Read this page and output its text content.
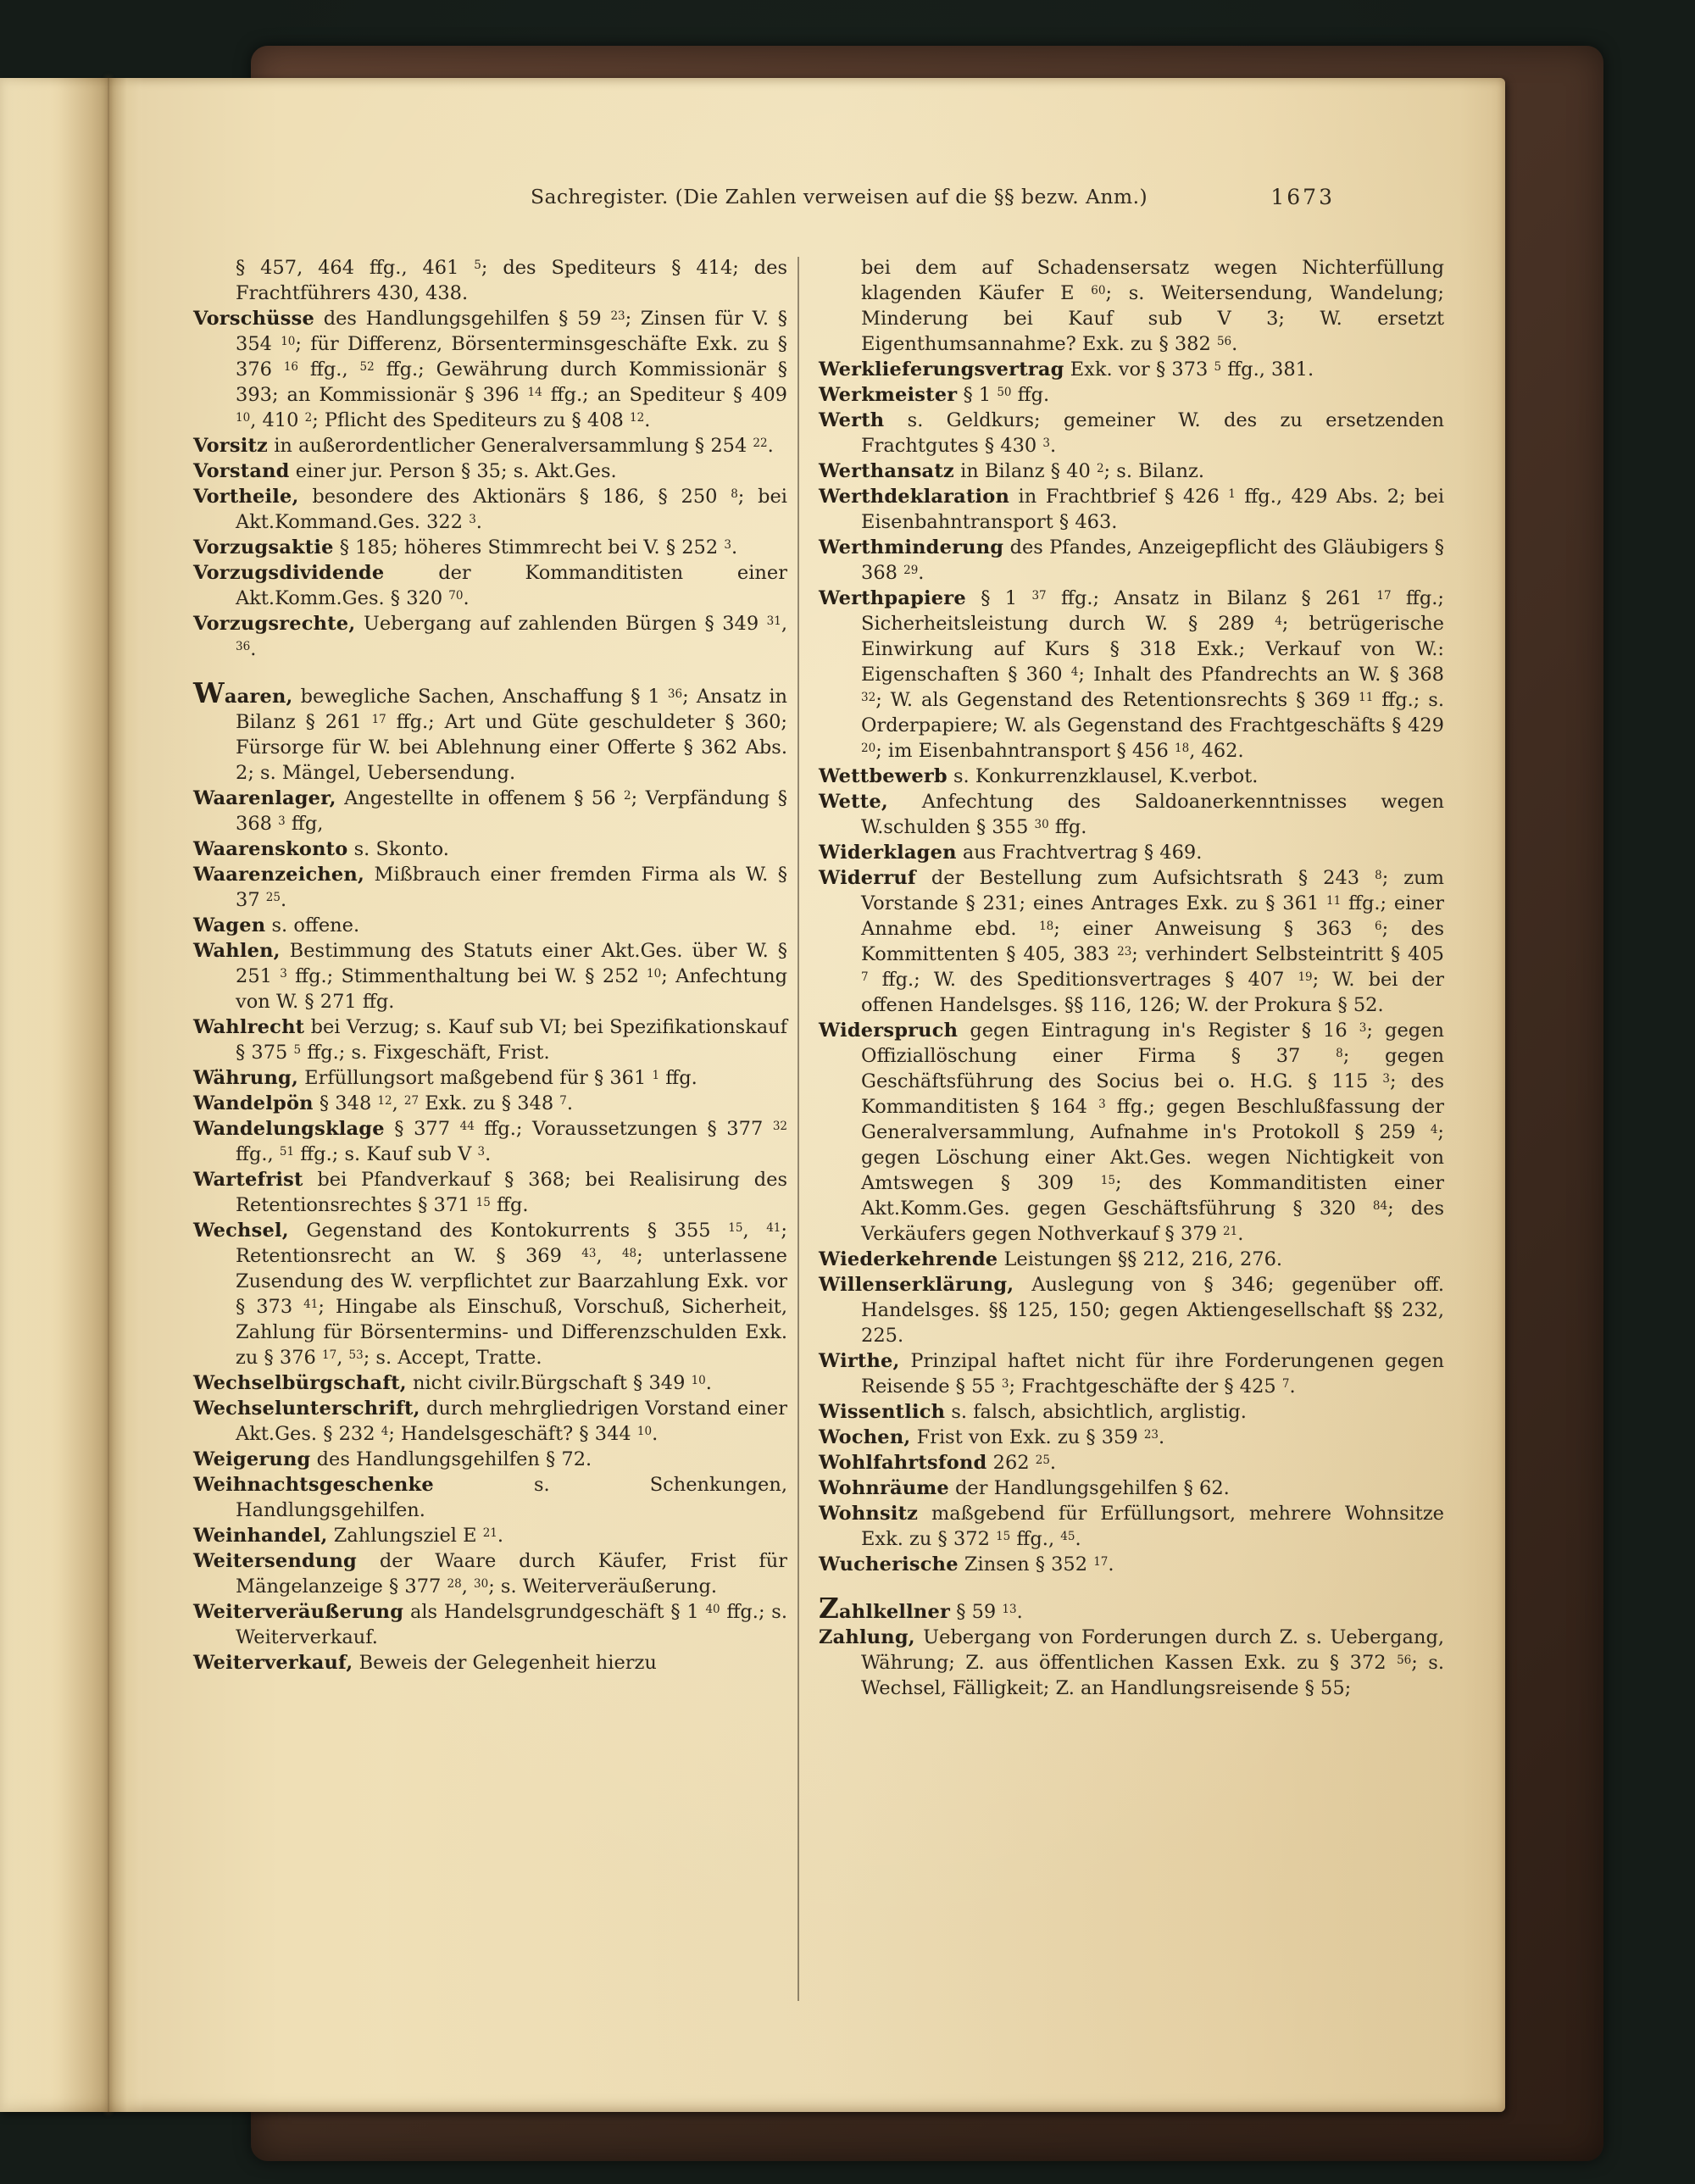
Sachregister. (Die Zahlen verweisen auf die §§ bezw. Anm.)	1673

§ 457, 464 ffg., 461 $^5$; des Spediteurs § 414; des Frachtführers 430, 438.

Vorschüsse des Handlungsgehilfen § 59 $^{23}$; Zinsen für V. § 354 $^{10}$; für Differenz, Börsenterminsgeschäfte Exk. zu § 376 $^{16}$ ffg., $^{52}$ ffg.; Gewährung durch Kommissionär § 393; an Kommissionär § 396 $^{14}$ ffg.; an Spediteur § 409 $^{10}$, 410 $^2$; Pflicht des Spediteurs zu § 408 $^{12}$.

Vorsitz in außerordentlicher Generalversammlung § 254 $^{22}$.

Vorstand einer jur. Person § 35; s. Akt.Ges.

Vortheile, besondere des Aktionärs § 186, § 250 $^8$; bei Akt.Kommand.Ges. 322 $^3$.

Vorzugsaktie § 185; höheres Stimmrecht bei V. § 252 $^3$.

Vorzugsdividende	der Kommanditisten einer Akt.Komm.Ges. § 320 $^{70}$.

Vorzugsrechte, Uebergang auf zahlenden Bürgen § 349 $^{31}$, $^{36}$.

Waaren, bewegliche Sachen, Anschaffung § 1 $^{36}$; Ansatz in Bilanz § 261 $^{17}$ ffg.; Art und Güte geschuldeter § 360; Fürsorge für W. bei Ablehnung einer Offerte § 362 Abs. 2; s. Mängel, Uebersendung.

Waarenlager, Angestellte in offenem § 56 $^2$; Verpfändung § 368 $^3$ ffg,

Waarenskonto s. Skonto.

Waarenzeichen, Mißbrauch einer fremden Firma als W. § 37 $^{25}$.

Wagen s. offene.

Wahlen, Bestimmung des Statuts einer Akt.Ges. über W. § 251 $^3$ ffg.; Stimmenthaltung bei W. § 252 $^{10}$; Anfechtung von W. § 271 ffg.

Wahlrecht bei Verzug; s. Kauf sub VI; bei Spezifikationskauf § 375 $^5$ ffg.; s. Fixgeschäft, Frist.

Währung, Erfüllungsort maßgebend für § 361 $^1$ ffg.

Wandelpön § 348 $^{12}$, $^{27}$ Exk. zu § 348 $^7$.

Wandelungsklage § 377 $^{44}$ ffg.; Voraussetzungen § 377 $^{32}$ ffg., $^{51}$ ffg.; s. Kauf sub V $^3$.

Wartefrist bei Pfandverkauf § 368; bei Realisirung des Retentionsrechtes § 371 $^{15}$ ffg.

Wechsel, Gegenstand des Kontokurrents § 355 $^{15}$, $^{41}$; Retentionsrecht an W. § 369 $^{43}$, $^{48}$; unterlassene Zusendung des W. verpflichtet zur Baarzahlung Exk. vor § 373 $^{41}$; Hingabe als Einschuß, Vorschuß, Sicherheit, Zahlung für Börsentermins- und Differenzschulden Exk. zu § 376 $^{17}$, $^{53}$; s. Accept, Tratte.

Wechselbürgschaft, nicht civilr.Bürgschaft § 349 $^{10}$.

Wechselunterschrift, durch mehrgliedrigen Vorstand einer Akt.Ges. § 232 $^4$; Handelsgeschäft? § 344 $^{10}$.

Weigerung des Handlungsgehilfen § 72.

Weihnachtsgeschenke	s. Schenkungen, Handlungsgehilfen.

Weinhandel, Zahlungsziel E $^{21}$.

Weitersendung der Waare durch Käufer, Frist für Mängelanzeige § 377 $^{28}$, $^{30}$; s. Weiterveräußerung.

Weiterveräußerung als Handelsgrundgeschäft § 1 $^{40}$ ffg.; s. Weiterverkauf.

Weiterverkauf, Beweis der Gelegenheit hierzu

bei dem auf Schadensersatz wegen Nichterfüllung klagenden Käufer E $^{60}$; s. Weitersendung, Wandelung; Minderung bei Kauf sub V 3; W. ersetzt Eigenthumsannahme? Exk. zu § 382 $^{56}$.

Werklieferungsvertrag Exk. vor § 373 $^5$ ffg., 381.

Werkmeister § 1 $^{50}$ ffg.

Werth s. Geldkurs; gemeiner W. des zu ersetzenden Frachtgutes § 430 $^3$.

Werthansatz in Bilanz § 40 $^2$; s. Bilanz.

Werthdeklaration in Frachtbrief § 426 $^1$ ffg., 429 Abs. 2; bei Eisenbahntransport § 463.

Werthminderung des Pfandes, Anzeigepflicht des Gläubigers § 368 $^{29}$.

Werthpapiere § 1 $^{37}$ ffg.; Ansatz in Bilanz § 261 $^{17}$ ffg.; Sicherheitsleistung durch W. § 289 $^4$; betrügerische Einwirkung auf Kurs § 318 Exk.; Verkauf von W.: Eigenschaften § 360 $^4$; Inhalt des Pfandrechts an W. § 368 $^{32}$; W. als Gegenstand des Retentionsrechts § 369 $^{11}$ ffg.; s. Orderpapiere; W. als Gegenstand des Frachtgeschäfts § 429 $^{20}$; im Eisenbahntransport § 456 $^{18}$, 462.

Wettbewerb s. Konkurrenzklausel, K.verbot.

Wette, Anfechtung des Saldoanerkenntnisses wegen W.schulden § 355 $^{30}$ ffg.

Widerklagen aus Frachtvertrag § 469.

Widerruf der Bestellung zum Aufsichtsrath § 243 $^8$; zum Vorstande § 231; eines Antrages Exk. zu § 361 $^{11}$ ffg.; einer Annahme ebd. $^{18}$; einer Anweisung § 363 $^6$; des Kommittenten § 405, 383 $^{23}$; verhindert Selbsteintritt § 405 $^7$ ffg.; W. des Speditionsvertrages § 407 $^{19}$; W. bei der offenen Handelsges. §§ 116, 126; W. der Prokura § 52.

Widerspruch gegen Eintragung in's Register § 16 $^3$; gegen Offiziallöschung einer Firma § 37 $^8$; gegen Geschäftsführung des Socius bei o. H.G. § 115 $^3$; des Kommanditisten § 164 $^3$ ffg.; gegen Beschlußfassung der Generalversammlung, Aufnahme in's Protokoll § 259 $^4$; gegen Löschung einer Akt.Ges. wegen Nichtigkeit von Amtswegen § 309 $^{15}$; des Kommanditisten einer Akt.Komm.Ges. gegen Geschäftsführung § 320 $^{84}$; des Verkäufers gegen Nothverkauf § 379 $^{21}$.

Wiederkehrende Leistungen §§ 212, 216, 276.

Willenserklärung, Auslegung von § 346; gegenüber off. Handelsges. §§ 125, 150; gegen Aktiengesellschaft §§ 232, 225.

Wirthe, Prinzipal haftet nicht für ihre Forderungenen gegen Reisende § 55 $^3$; Frachtgeschäfte der § 425 $^7$.

Wissentlich s. falsch, absichtlich, arglistig.

Wochen, Frist von Exk. zu § 359 $^{23}$.

Wohlfahrtsfond 262 $^{25}$.

Wohnräume der Handlungsgehilfen § 62.

Wohnsitz maßgebend für Erfüllungsort, mehrere Wohnsitze Exk. zu § 372 $^{15}$ ffg., $^{45}$.

Wucherische Zinsen § 352 $^{17}$.

Zahlkellner § 59 $^{13}$.

Zahlung, Uebergang von Forderungen durch Z. s. Uebergang, Währung; Z. aus öffentlichen Kassen Exk. zu § 372 $^{56}$; s. Wechsel, Fälligkeit; Z. an Handlungsreisende § 55;
